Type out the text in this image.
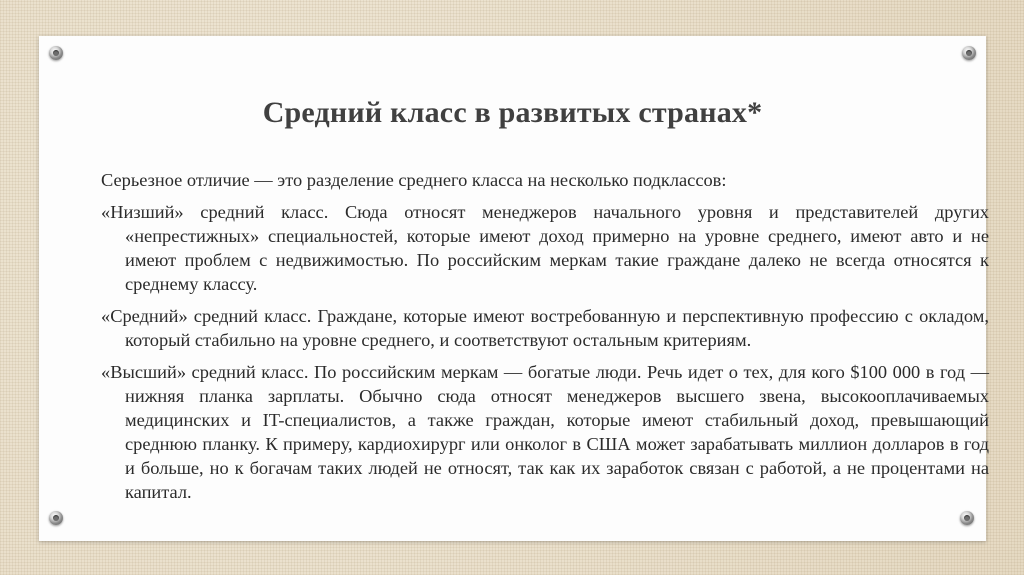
Средний класс в развитых странах*

Серьезное отличие — это разделение среднего класса на несколько подклассов:

«Низший» средний класс. Сюда относят менеджеров начального уровня и представителей других «непрестижных» специальностей, которые имеют доход примерно на уровне среднего, имеют авто и не имеют проблем с недвижимостью. По российским меркам такие граждане далеко не всегда относятся к среднему классу.

«Средний» средний класс. Граждане, которые имеют востребованную и перспективную профессию с окладом, который стабильно на уровне среднего, и соответствуют остальным критериям.

«Высший» средний класс. По российским меркам — богатые люди. Речь идет о тех, для кого $100 000 в год — нижняя планка зарплаты. Обычно сюда относят менеджеров высшего звена, высокооплачиваемых медицинских и IT-специалистов, а также граждан, которые имеют стабильный доход, превышающий среднюю планку. К примеру, кардиохирург или онколог в США может зарабатывать миллион долларов в год и больше, но к богачам таких людей не относят, так как их заработок связан с работой, а не процентами на капитал.
